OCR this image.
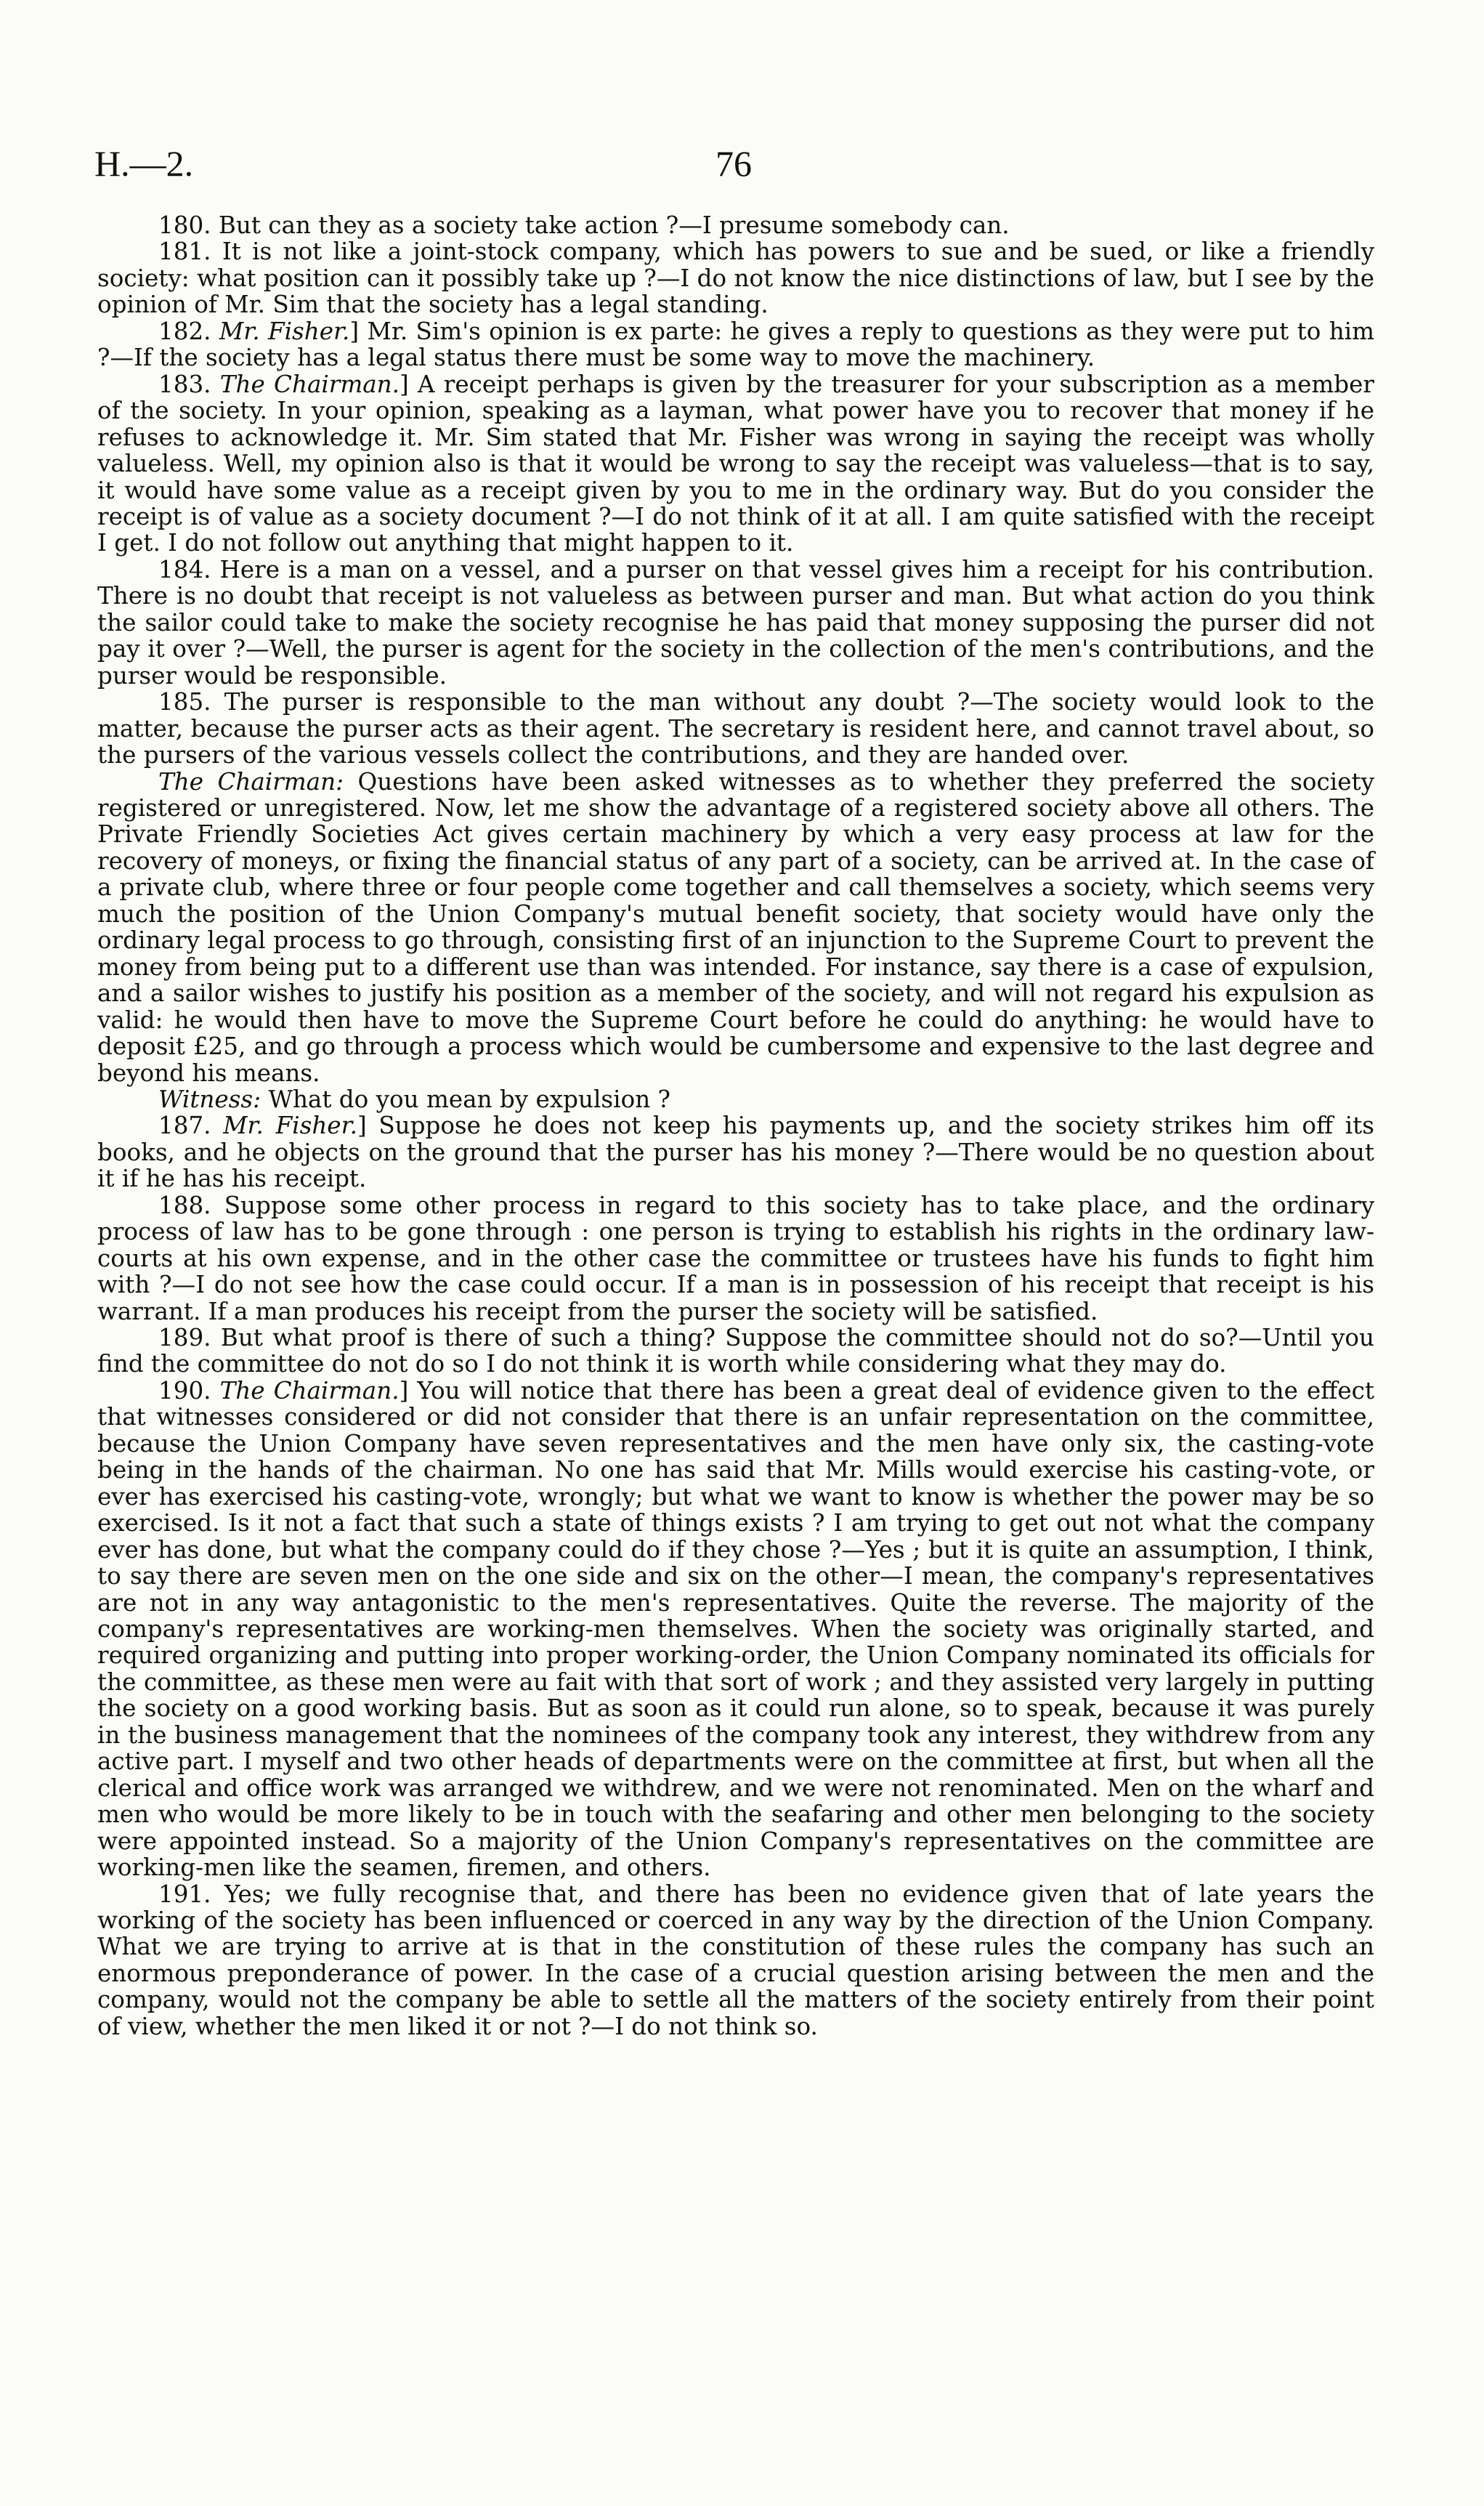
H.—2.	76

180. But can they as a society take action ?—I presume somebody can.

181. It is not like a joint-stock company, which has powers to sue and be sued, or like a friendly society: what position can it possibly take up ?—I do not know the nice distinctions of law, but I see by the opinion of Mr. Sim that the society has a legal standing.

182. Mr. Fisher.] Mr. Sim's opinion is ex parte: he gives a reply to questions as they were put to him ?—If the society has a legal status there must be some way to move the machinery.

183. The Chairman.] A receipt perhaps is given by the treasurer for your subscription as a member of the society. In your opinion, speaking as a layman, what power have you to recover that money if he refuses to acknowledge it. Mr. Sim stated that Mr. Fisher was wrong in saying the receipt was wholly valueless. Well, my opinion also is that it would be wrong to say the receipt was valueless—that is to say, it would have some value as a receipt given by you to me in the ordinary way. But do you consider the receipt is of value as a society document ?—I do not think of it at all. I am quite satisfied with the receipt I get. I do not follow out anything that might happen to it.

184. Here is a man on a vessel, and a purser on that vessel gives him a receipt for his contribution. There is no doubt that receipt is not valueless as between purser and man. But what action do you think the sailor could take to make the society recognise he has paid that money supposing the purser did not pay it over ?—Well, the purser is agent for the society in the collection of the men's contributions, and the purser would be responsible.

185. The purser is responsible to the man without any doubt ?—The society would look to the matter, because the purser acts as their agent. The secretary is resident here, and cannot travel about, so the pursers of the various vessels collect the contributions, and they are handed over.

The Chairman: Questions have been asked witnesses as to whether they preferred the society registered or unregistered. Now, let me show the advantage of a registered society above all others. The Private Friendly Societies Act gives certain machinery by which a very easy process at law for the recovery of moneys, or fixing the financial status of any part of a society, can be arrived at. In the case of a private club, where three or four people come together and call themselves a society, which seems very much the position of the Union Company's mutual benefit society, that society would have only the ordinary legal process to go through, consisting first of an injunction to the Supreme Court to prevent the money from being put to a different use than was intended. For instance, say there is a case of expulsion, and a sailor wishes to justify his position as a member of the society, and will not regard his expulsion as valid: he would then have to move the Supreme Court before he could do anything: he would have to deposit £25, and go through a process which would be cumbersome and expensive to the last degree and beyond his means.

Witness: What do you mean by expulsion ?

187. Mr. Fisher.] Suppose he does not keep his payments up, and the society strikes him off its books, and he objects on the ground that the purser has his money ?—There would be no question about it if he has his receipt.

188. Suppose some other process in regard to this society has to take place, and the ordinary process of law has to be gone through : one person is trying to establish his rights in the ordinary law-courts at his own expense, and in the other case the committee or trustees have his funds to fight him with ?—I do not see how the case could occur. If a man is in possession of his receipt that receipt is his warrant. If a man produces his receipt from the purser the society will be satisfied.

189. But what proof is there of such a thing? Suppose the committee should not do so?—Until you find the committee do not do so I do not think it is worth while considering what they may do.

190. The Chairman.] You will notice that there has been a great deal of evidence given to the effect that witnesses considered or did not consider that there is an unfair representation on the committee, because the Union Company have seven representatives and the men have only six, the casting-vote being in the hands of the chairman. No one has said that Mr. Mills would exercise his casting-vote, or ever has exercised his casting-vote, wrongly; but what we want to know is whether the power may be so exercised. Is it not a fact that such a state of things exists ? I am trying to get out not what the company ever has done, but what the company could do if they chose ?—Yes ; but it is quite an assumption, I think, to say there are seven men on the one side and six on the other—I mean, the company's representatives are not in any way antagonistic to the men's representatives. Quite the reverse. The majority of the company's representatives are working-men themselves. When the society was originally started, and required organizing and putting into proper working-order, the Union Company nominated its officials for the committee, as these men were au fait with that sort of work ; and they assisted very largely in putting the society on a good working basis. But as soon as it could run alone, so to speak, because it was purely in the business management that the nominees of the company took any interest, they withdrew from any active part. I myself and two other heads of departments were on the committee at first, but when all the clerical and office work was arranged we withdrew, and we were not renominated. Men on the wharf and men who would be more likely to be in touch with the seafaring and other men belonging to the society were appointed instead. So a majority of the Union Company's representatives on the committee are working-men like the seamen, firemen, and others.

191. Yes; we fully recognise that, and there has been no evidence given that of late years the working of the society has been influenced or coerced in any way by the direction of the Union Company. What we are trying to arrive at is that in the constitution of these rules the company has such an enormous preponderance of power. In the case of a crucial question arising between the men and the company, would not the company be able to settle all the matters of the society entirely from their point of view, whether the men liked it or not ?—I do not think so.
